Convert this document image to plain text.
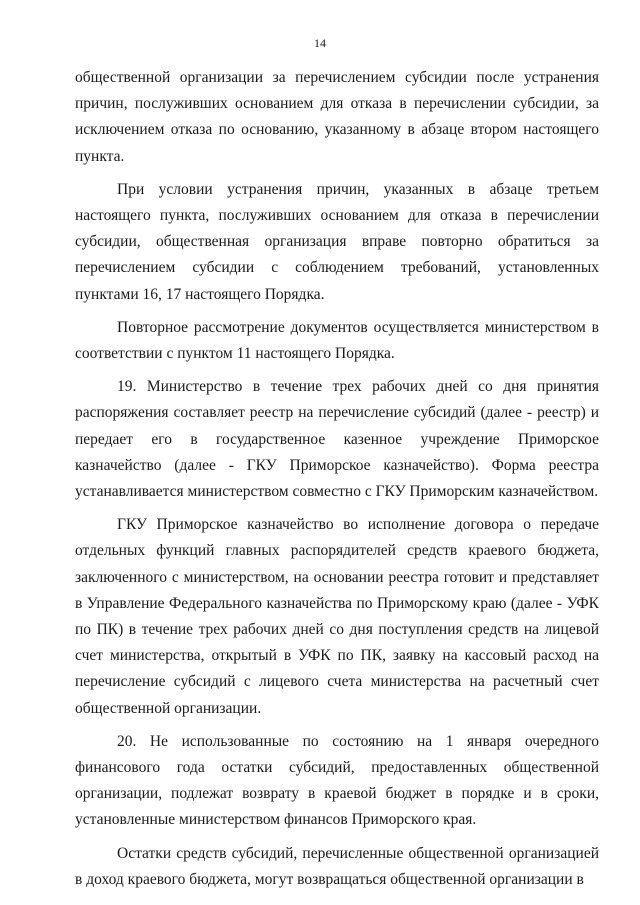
14

общественной организации за перечислением субсидии после устранения причин, послуживших основанием для отказа в перечислении субсидии, за исключением отказа по основанию, указанному в абзаце втором настоящего пункта.

При условии устранения причин, указанных в абзаце третьем настоящего пункта, послуживших основанием для отказа в перечислении субсидии, общественная организация вправе повторно обратиться за перечислением субсидии с соблюдением требований, установленных пунктами 16, 17 настоящего Порядка.

Повторное рассмотрение документов осуществляется министерством в соответствии с пунктом 11 настоящего Порядка.

19. Министерство в течение трех рабочих дней со дня принятия распоряжения составляет реестр на перечисление субсидий (далее - реестр) и передает его в государственное казенное учреждение Приморское казначейство (далее - ГКУ Приморское казначейство). Форма реестра устанавливается министерством совместно с ГКУ Приморским казначейством.

ГКУ Приморское казначейство во исполнение договора о передаче отдельных функций главных распорядителей средств краевого бюджета, заключенного с министерством, на основании реестра готовит и представляет в Управление Федерального казначейства по Приморскому краю (далее - УФК по ПК) в течение трех рабочих дней со дня поступления средств на лицевой счет министерства, открытый в УФК по ПК, заявку на кассовый расход на перечисление субсидий с лицевого счета министерства на расчетный счет общественной организации.

20. Не использованные по состоянию на 1 января очередного финансового года остатки субсидий, предоставленных общественной организации, подлежат возврату в краевой бюджет в порядке и в сроки, установленные министерством финансов Приморского края.

Остатки средств субсидий, перечисленные общественной организацией в доход краевого бюджета, могут возвращаться общественной организации в
